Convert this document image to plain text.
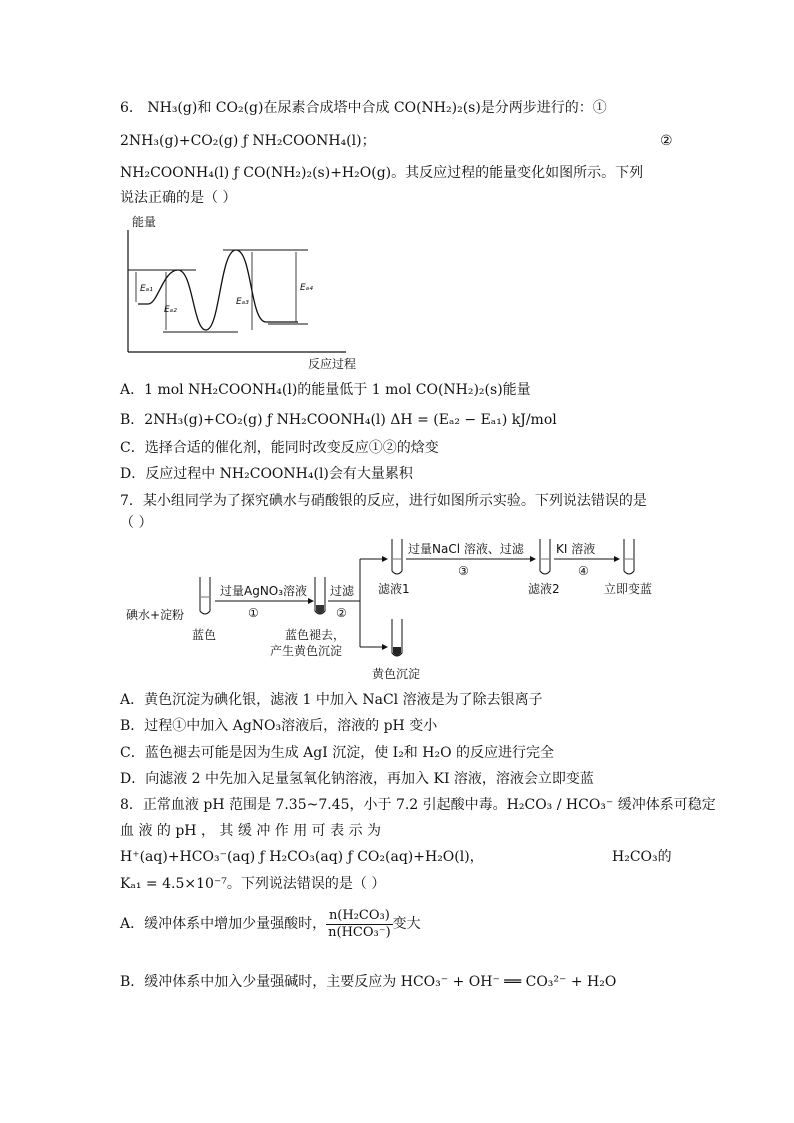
6． NH₃(g)和 CO₂(g)在尿素合成塔中合成 CO(NH₂)₂(s)是分两步进行的：①
2NH₃(g)+CO₂(g) ƒ NH₂COONH₄(l)；	②
NH₂COONH₄(l) ƒ CO(NH₂)₂(s)+H₂O(g)。其反应过程的能量变化如图所示。下列
说法正确的是（ ）
能量
反应过程
Eₐ₁
Eₐ₂
Eₐ₃
Eₐ₄
A．1 mol NH₂COONH₄(l)的能量低于 1 mol CO(NH₂)₂(s)能量
B．2NH₃(g)+CO₂(g) ƒ NH₂COONH₄(l) ΔH = (Eₐ₂ − Eₐ₁) kJ/mol
C．选择合适的催化剂，能同时改变反应①②的焓变
D．反应过程中 NH₂COONH₄(l)会有大量累积
7．某小组同学为了探究碘水与硝酸银的反应，进行如图所示实验。下列说法错误的是
（ ）
碘水+淀粉
蓝色
过量AgNO₃溶液
①
蓝色褪去，
产生黄色沉淀
过滤
②
滤液1
过量NaCl 溶液、过滤
③
滤液2
KI 溶液
④
立即变蓝
黄色沉淀
A．黄色沉淀为碘化银，滤液 1 中加入 NaCl 溶液是为了除去银离子
B．过程①中加入 AgNO₃溶液后，溶液的 pH 变小
C．蓝色褪去可能是因为生成 AgI 沉淀，使 I₂和 H₂O 的反应进行完全
D．向滤液 2 中先加入足量氢氧化钠溶液，再加入 KI 溶液，溶液会立即变蓝
8．正常血液 pH 范围是 7.35~7.45，小于 7.2 引起酸中毒。H₂CO₃ / HCO₃⁻ 缓冲体系可稳定
血 液 的 pH ， 其 缓 冲 作 用 可 表 示 为
H⁺(aq)+HCO₃⁻(aq) ƒ H₂CO₃(aq) ƒ CO₂(aq)+H₂O(l)，	H₂CO₃的
Kₐ₁ = 4.5×10⁻⁷。下列说法错误的是（ ）
A．缓冲体系中增加少量强酸时， $\frac{\text{n(H₂CO₃)}}{\text{n(HCO₃⁻)}}$ 变大
B．缓冲体系中加入少量强碱时，主要反应为 HCO₃⁻ + OH⁻ ══ CO₃²⁻ + H₂O
